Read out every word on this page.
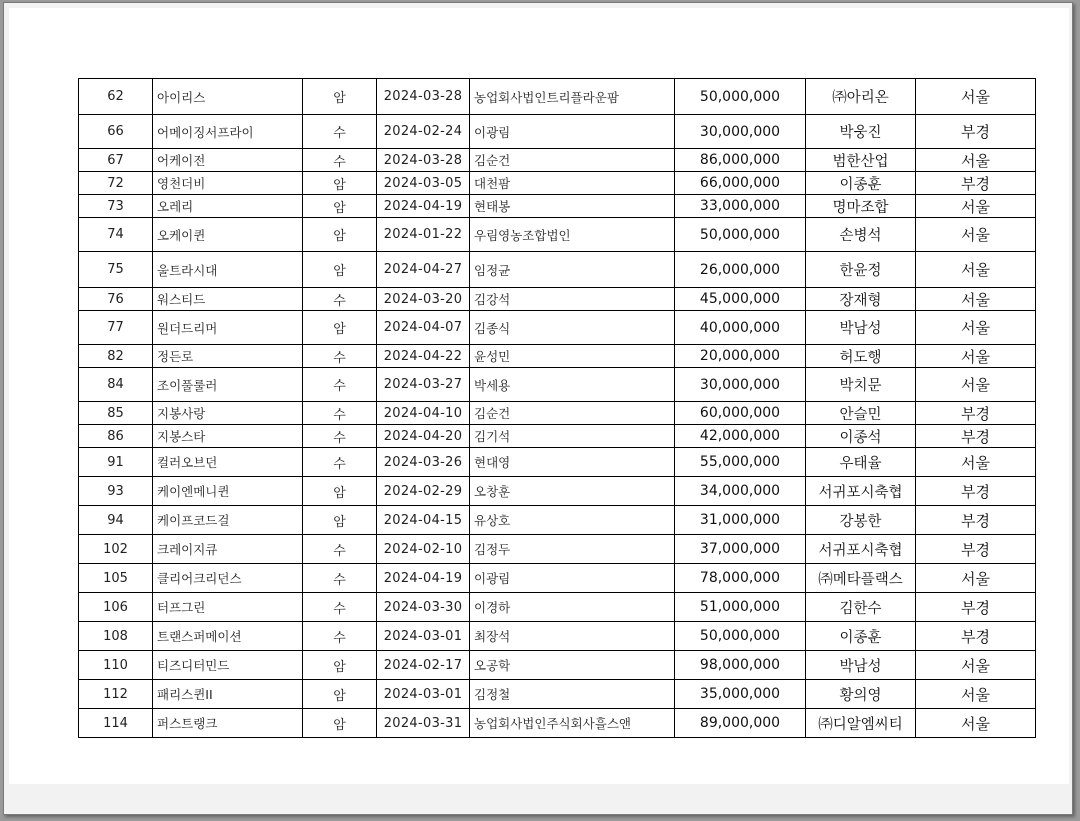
62	아이리스	암	2024-03-28	농업회사법인트리플라운팜	50,000,000	㈜아리온	서울
66	어메이징서프라이	수	2024-02-24	이광림	30,000,000	박웅진	부경
67	어케이전	수	2024-03-28	김순건	86,000,000	범한산업	서울
72	영천더비	암	2024-03-05	대천팜	66,000,000	이종훈	부경
73	오레리	암	2024-04-19	현태봉	33,000,000	명마조합	서울
74	오케이퀸	암	2024-01-22	우림영농조합법인	50,000,000	손병석	서울
75	울트라시대	암	2024-04-27	임정균	26,000,000	한윤정	서울
76	워스티드	수	2024-03-20	김강석	45,000,000	장재형	서울
77	원더드리머	암	2024-04-07	김종식	40,000,000	박남성	서울
82	정든로	수	2024-04-22	윤성민	20,000,000	허도행	서울
84	조이풀룰러	수	2024-03-27	박세용	30,000,000	박치문	서울
85	지봉사랑	수	2024-04-10	김순건	60,000,000	안슬민	부경
86	지봉스타	수	2024-04-20	김기석	42,000,000	이종석	부경
91	컬러오브던	수	2024-03-26	현대영	55,000,000	우태율	서울
93	케이엔메니퀸	암	2024-02-29	오창훈	34,000,000	서귀포시축협	부경
94	케이프코드걸	암	2024-04-15	유상호	31,000,000	강봉한	부경
102	크레이지큐	수	2024-02-10	김정두	37,000,000	서귀포시축협	부경
105	클리어크리던스	수	2024-04-19	이광림	78,000,000	㈜메타플랙스	서울
106	터프그린	수	2024-03-30	이경하	51,000,000	김한수	부경
108	트랜스퍼메이션	수	2024-03-01	최장석	50,000,000	이종훈	부경
110	티즈디터민드	암	2024-02-17	오공학	98,000,000	박남성	서울
112	패리스퀸II	암	2024-03-01	김정철	35,000,000	황의영	서울
114	퍼스트랭크	암	2024-03-31	농업회사법인주식회사흘스앤	89,000,000	㈜디알엠씨티	서울
